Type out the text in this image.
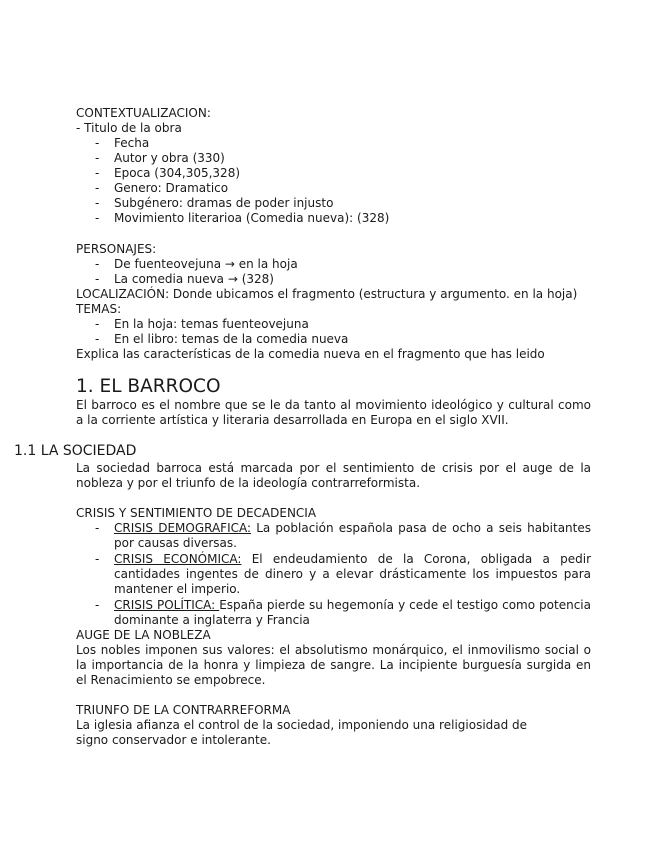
CONTEXTUALIZACION:
- Titulo de la obra
- Fecha
- Autor y obra (330)
- Epoca (304,305,328)
- Genero: Dramatico
- Subgénero: dramas de poder injusto
- Movimiento literarioa (Comedia nueva): (328)
PERSONAJES:
- De fuenteovejuna → en la hoja
- La comedia nueva → (328)
LOCALIZACIÓN: Donde ubicamos el fragmento (estructura y argumento. en la hoja)
TEMAS:
- En la hoja: temas fuenteovejuna
- En el libro: temas de la comedia nueva
Explica las características de la comedia nueva en el fragmento que has leido
1. EL BARROCO
El barroco es el nombre que se le da tanto al movimiento ideológico y cultural como a la corriente artística y literaria desarrollada en Europa en el siglo XVII.
1.1 LA SOCIEDAD
La sociedad barroca está marcada por el sentimiento de crisis por el auge de la nobleza y por el triunfo de la ideología contrarreformista.
CRISIS Y SENTIMIENTO DE DECADENCIA
- CRISIS DEMOGRAFICA: La población española pasa de ocho a seis habitantes por causas diversas.
- CRISIS ECONÓMICA: El endeudamiento de la Corona, obligada a pedir cantidades ingentes de dinero y a elevar drásticamente los impuestos para mantener el imperio.
- CRISIS POLÍTICA: España pierde su hegemonía y cede el testigo como potencia dominante a inglaterra y Francia
AUGE DE LA NOBLEZA
Los nobles imponen sus valores: el absolutismo monárquico, el inmovilismo social o la importancia de la honra y limpieza de sangre. La incipiente burguesía surgida en el Renacimiento se empobrece.
TRIUNFO DE LA CONTRARREFORMA
La iglesia afianza el control de la sociedad, imponiendo una religiosidad de
signo conservador e intolerante.
